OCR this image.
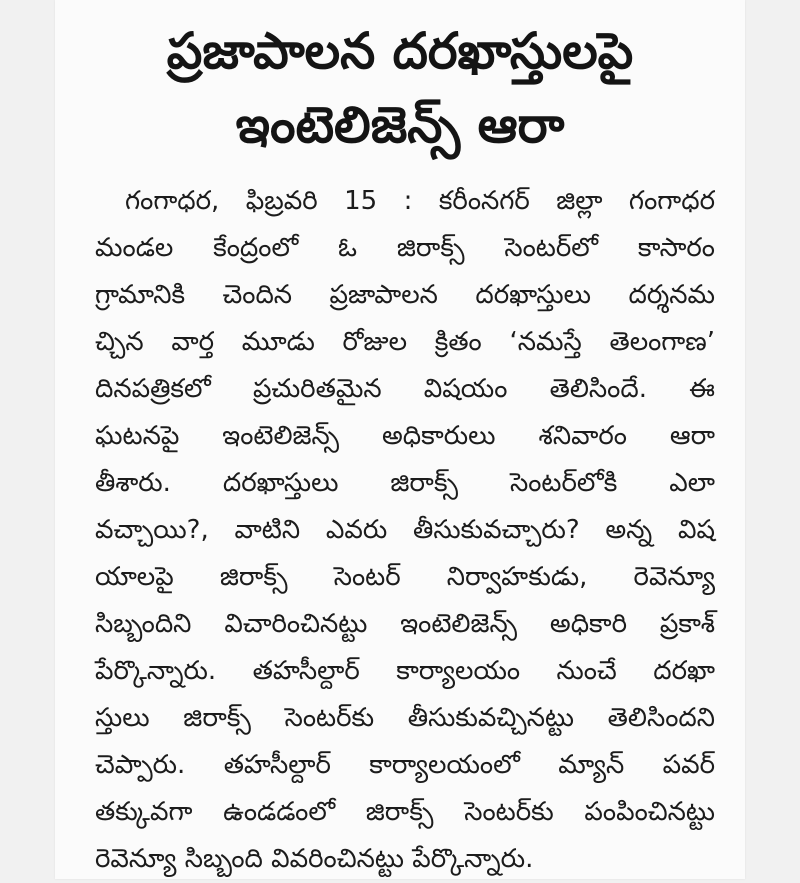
ప్రజాపాలన దరఖాస్తులపై
ఇంటెలిజెన్స్ ఆరా
గంగాధర, ఫిబ్రవరి 15 : కరీంనగర్ జిల్లా గంగాధర
మండల కేంద్రంలో ఓ జిరాక్స్ సెంటర్‌లో కాసారం
గ్రామానికి చెందిన ప్రజాపాలన దరఖాస్తులు దర్శనమ
చ్చిన వార్త మూడు రోజుల క్రితం ‘నమస్తే తెలంగాణ’
దినపత్రికలో ప్రచురితమైన విషయం తెలిసిందే. ఈ
ఘటనపై ఇంటెలిజెన్స్ అధికారులు శనివారం ఆరా
తీశారు. దరఖాస్తులు జిరాక్స్ సెంటర్‌లోకి ఎలా
వచ్చాయి?, వాటిని ఎవరు తీసుకువచ్చారు? అన్న విష
యాలపై జిరాక్స్ సెంటర్ నిర్వాహకుడు, రెవెన్యూ
సిబ్బందిని విచారించినట్టు ఇంటెలిజెన్స్ అధికారి ప్రకాశ్
పేర్కొన్నారు. తహసీల్దార్ కార్యాలయం నుంచే దరఖా
స్తులు జిరాక్స్ సెంటర్‌కు తీసుకువచ్చినట్టు తెలిసిందని
చెప్పారు. తహసీల్దార్ కార్యాలయంలో మ్యాన్ పవర్
తక్కువగా ఉండడంలో జిరాక్స్ సెంటర్‌కు పంపించినట్టు
రెవెన్యూ సిబ్బంది వివరించినట్టు పేర్కొన్నారు.
